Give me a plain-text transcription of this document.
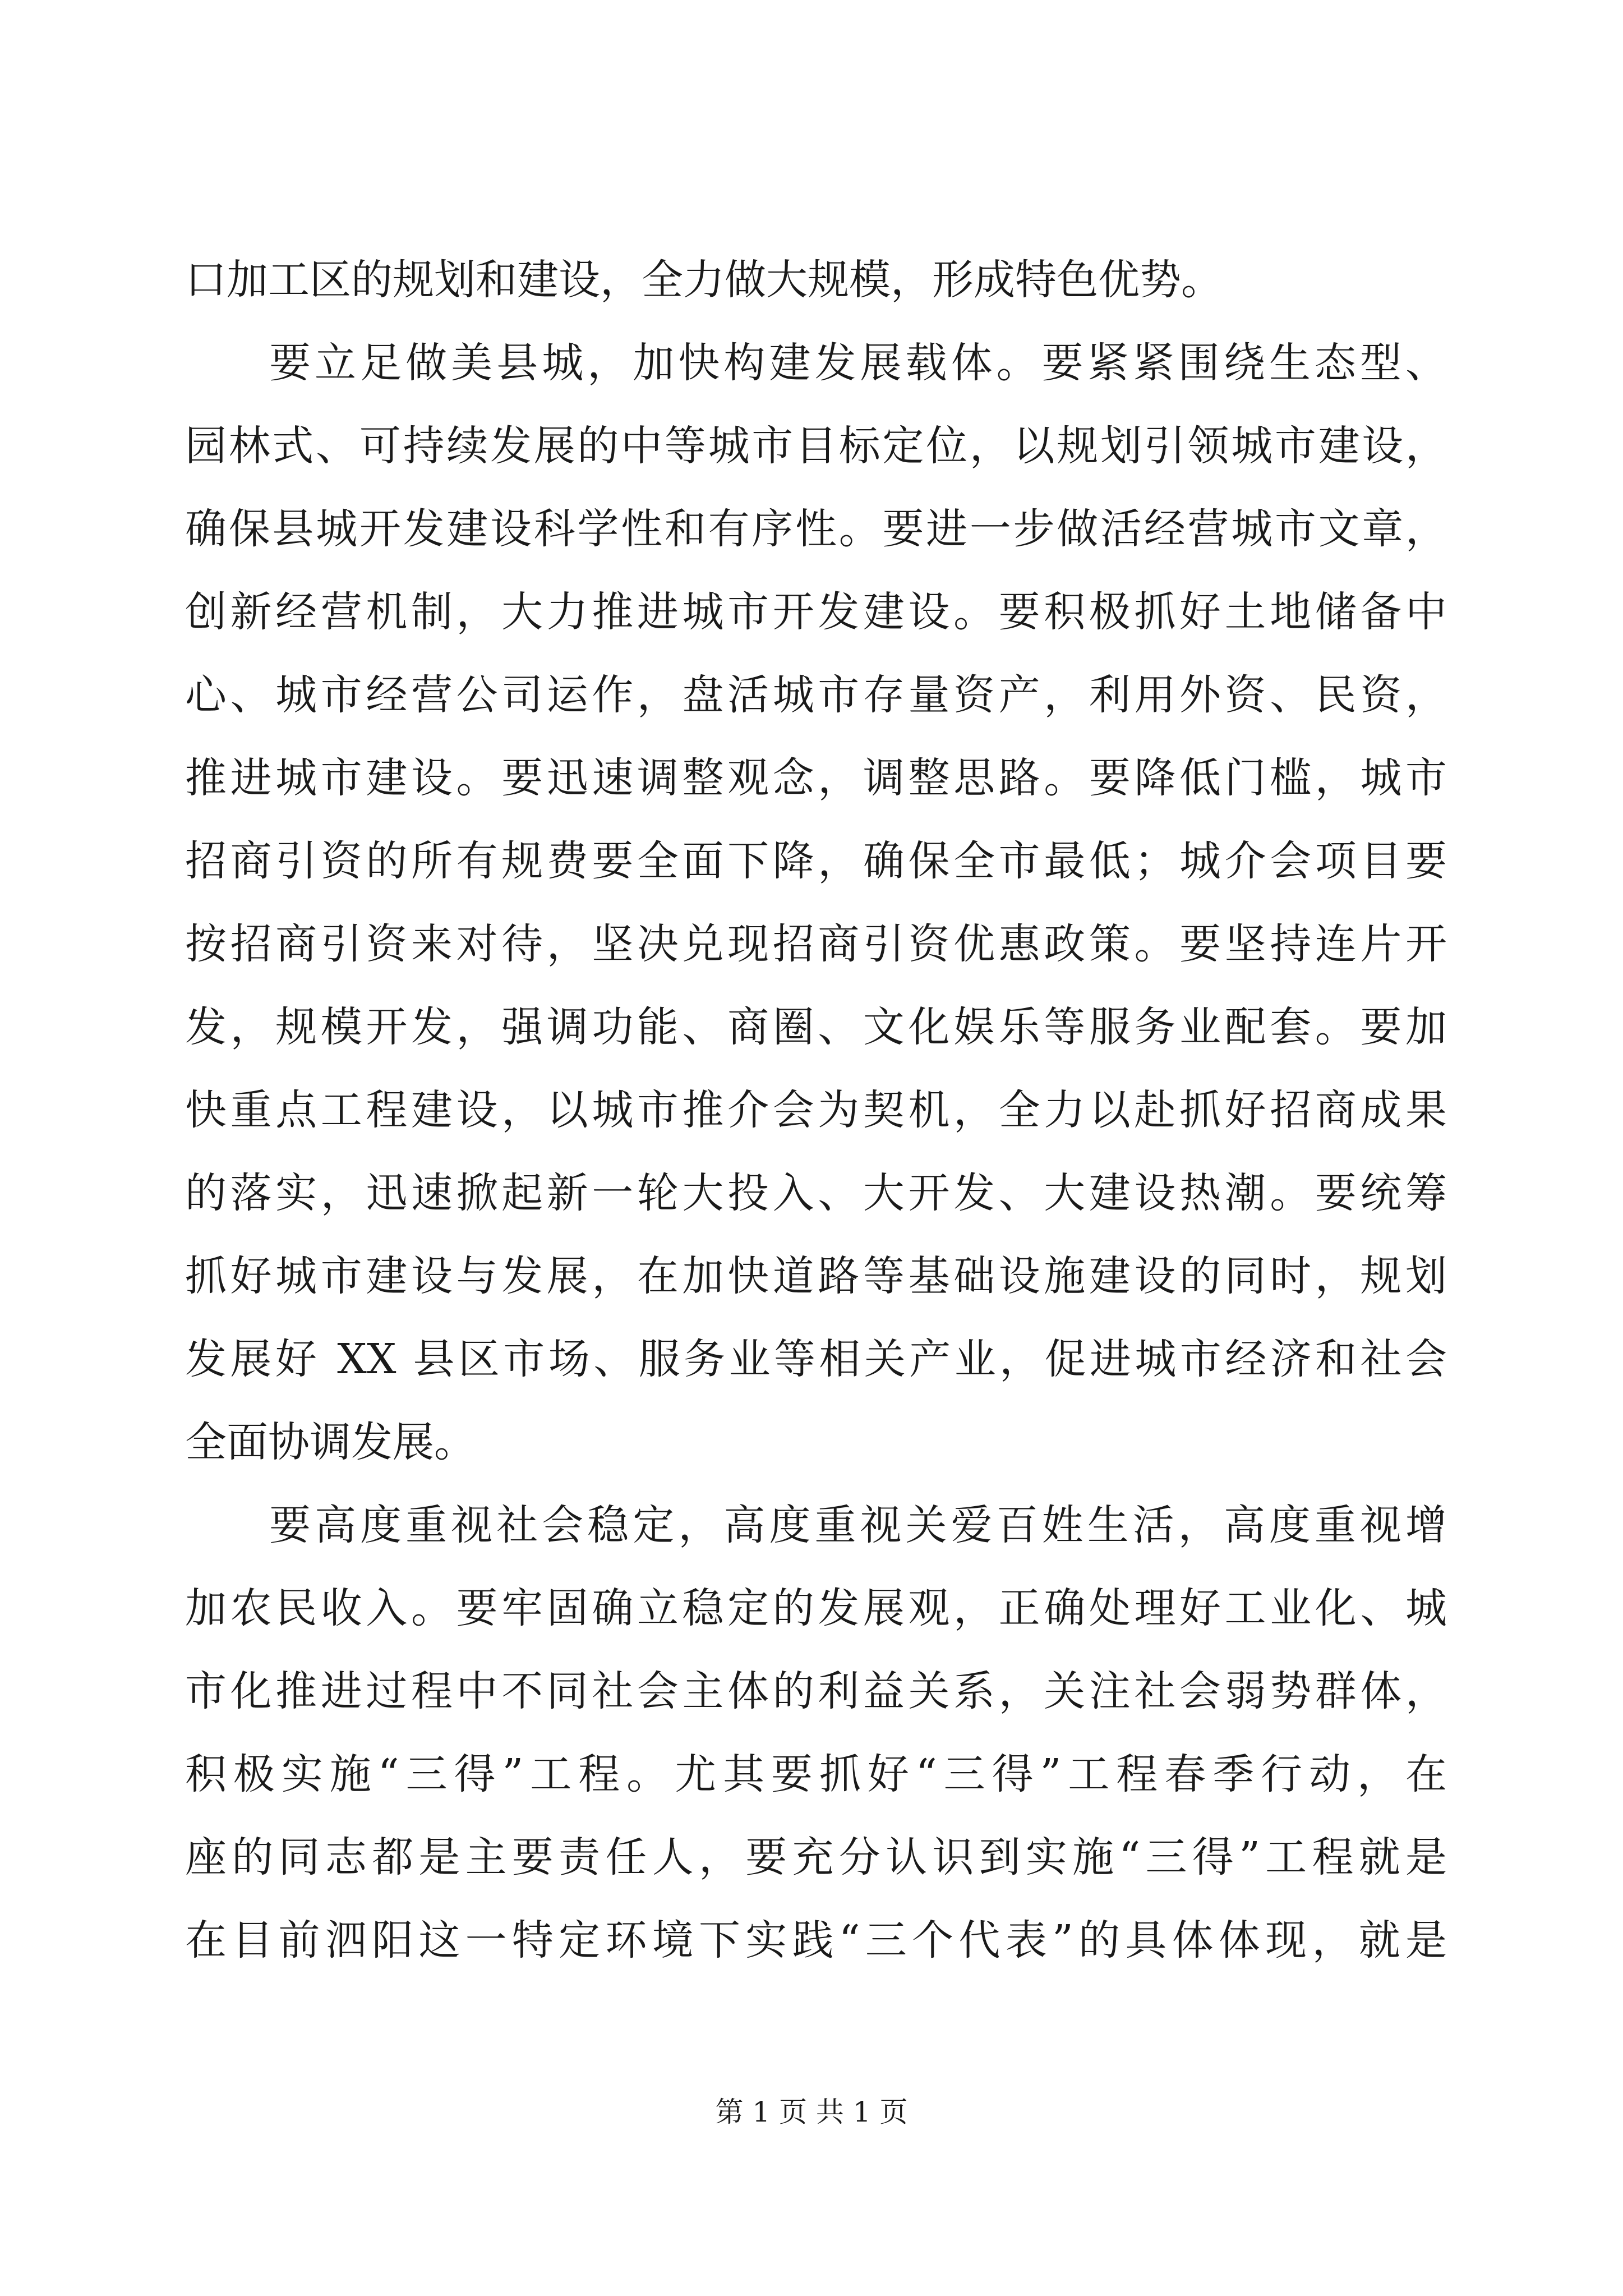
口加工区的规划和建设，全力做大规模，形成特色优势。
要立足做美县城，加快构建发展载体。要紧紧围绕生态型、
园林式、可持续发展的中等城市目标定位，以规划引领城市建设，
确保县城开发建设科学性和有序性。要进一步做活经营城市文章，
创新经营机制，大力推进城市开发建设。要积极抓好土地储备中
心、城市经营公司运作，盘活城市存量资产，利用外资、民资，
推进城市建设。要迅速调整观念，调整思路。要降低门槛，城市
招商引资的所有规费要全面下降，确保全市最低；城介会项目要
按招商引资来对待，坚决兑现招商引资优惠政策。要坚持连片开
发，规模开发，强调功能、商圈、文化娱乐等服务业配套。要加
快重点工程建设，以城市推介会为契机，全力以赴抓好招商成果
的落实，迅速掀起新一轮大投入、大开发、大建设热潮。要统筹
抓好城市建设与发展，在加快道路等基础设施建设的同时，规划
发展好 XX 县区市场、服务业等相关产业，促进城市经济和社会
全面协调发展。
要高度重视社会稳定，高度重视关爱百姓生活，高度重视增
加农民收入。要牢固确立稳定的发展观，正确处理好工业化、城
市化推进过程中不同社会主体的利益关系，关注社会弱势群体，
积极实施“三得”工程。尤其要抓好“三得”工程春季行动，在
座的同志都是主要责任人，要充分认识到实施“三得”工程就是
在目前泗阳这一特定环境下实践“三个代表”的具体体现，就是
第 1 页 共 1 页
